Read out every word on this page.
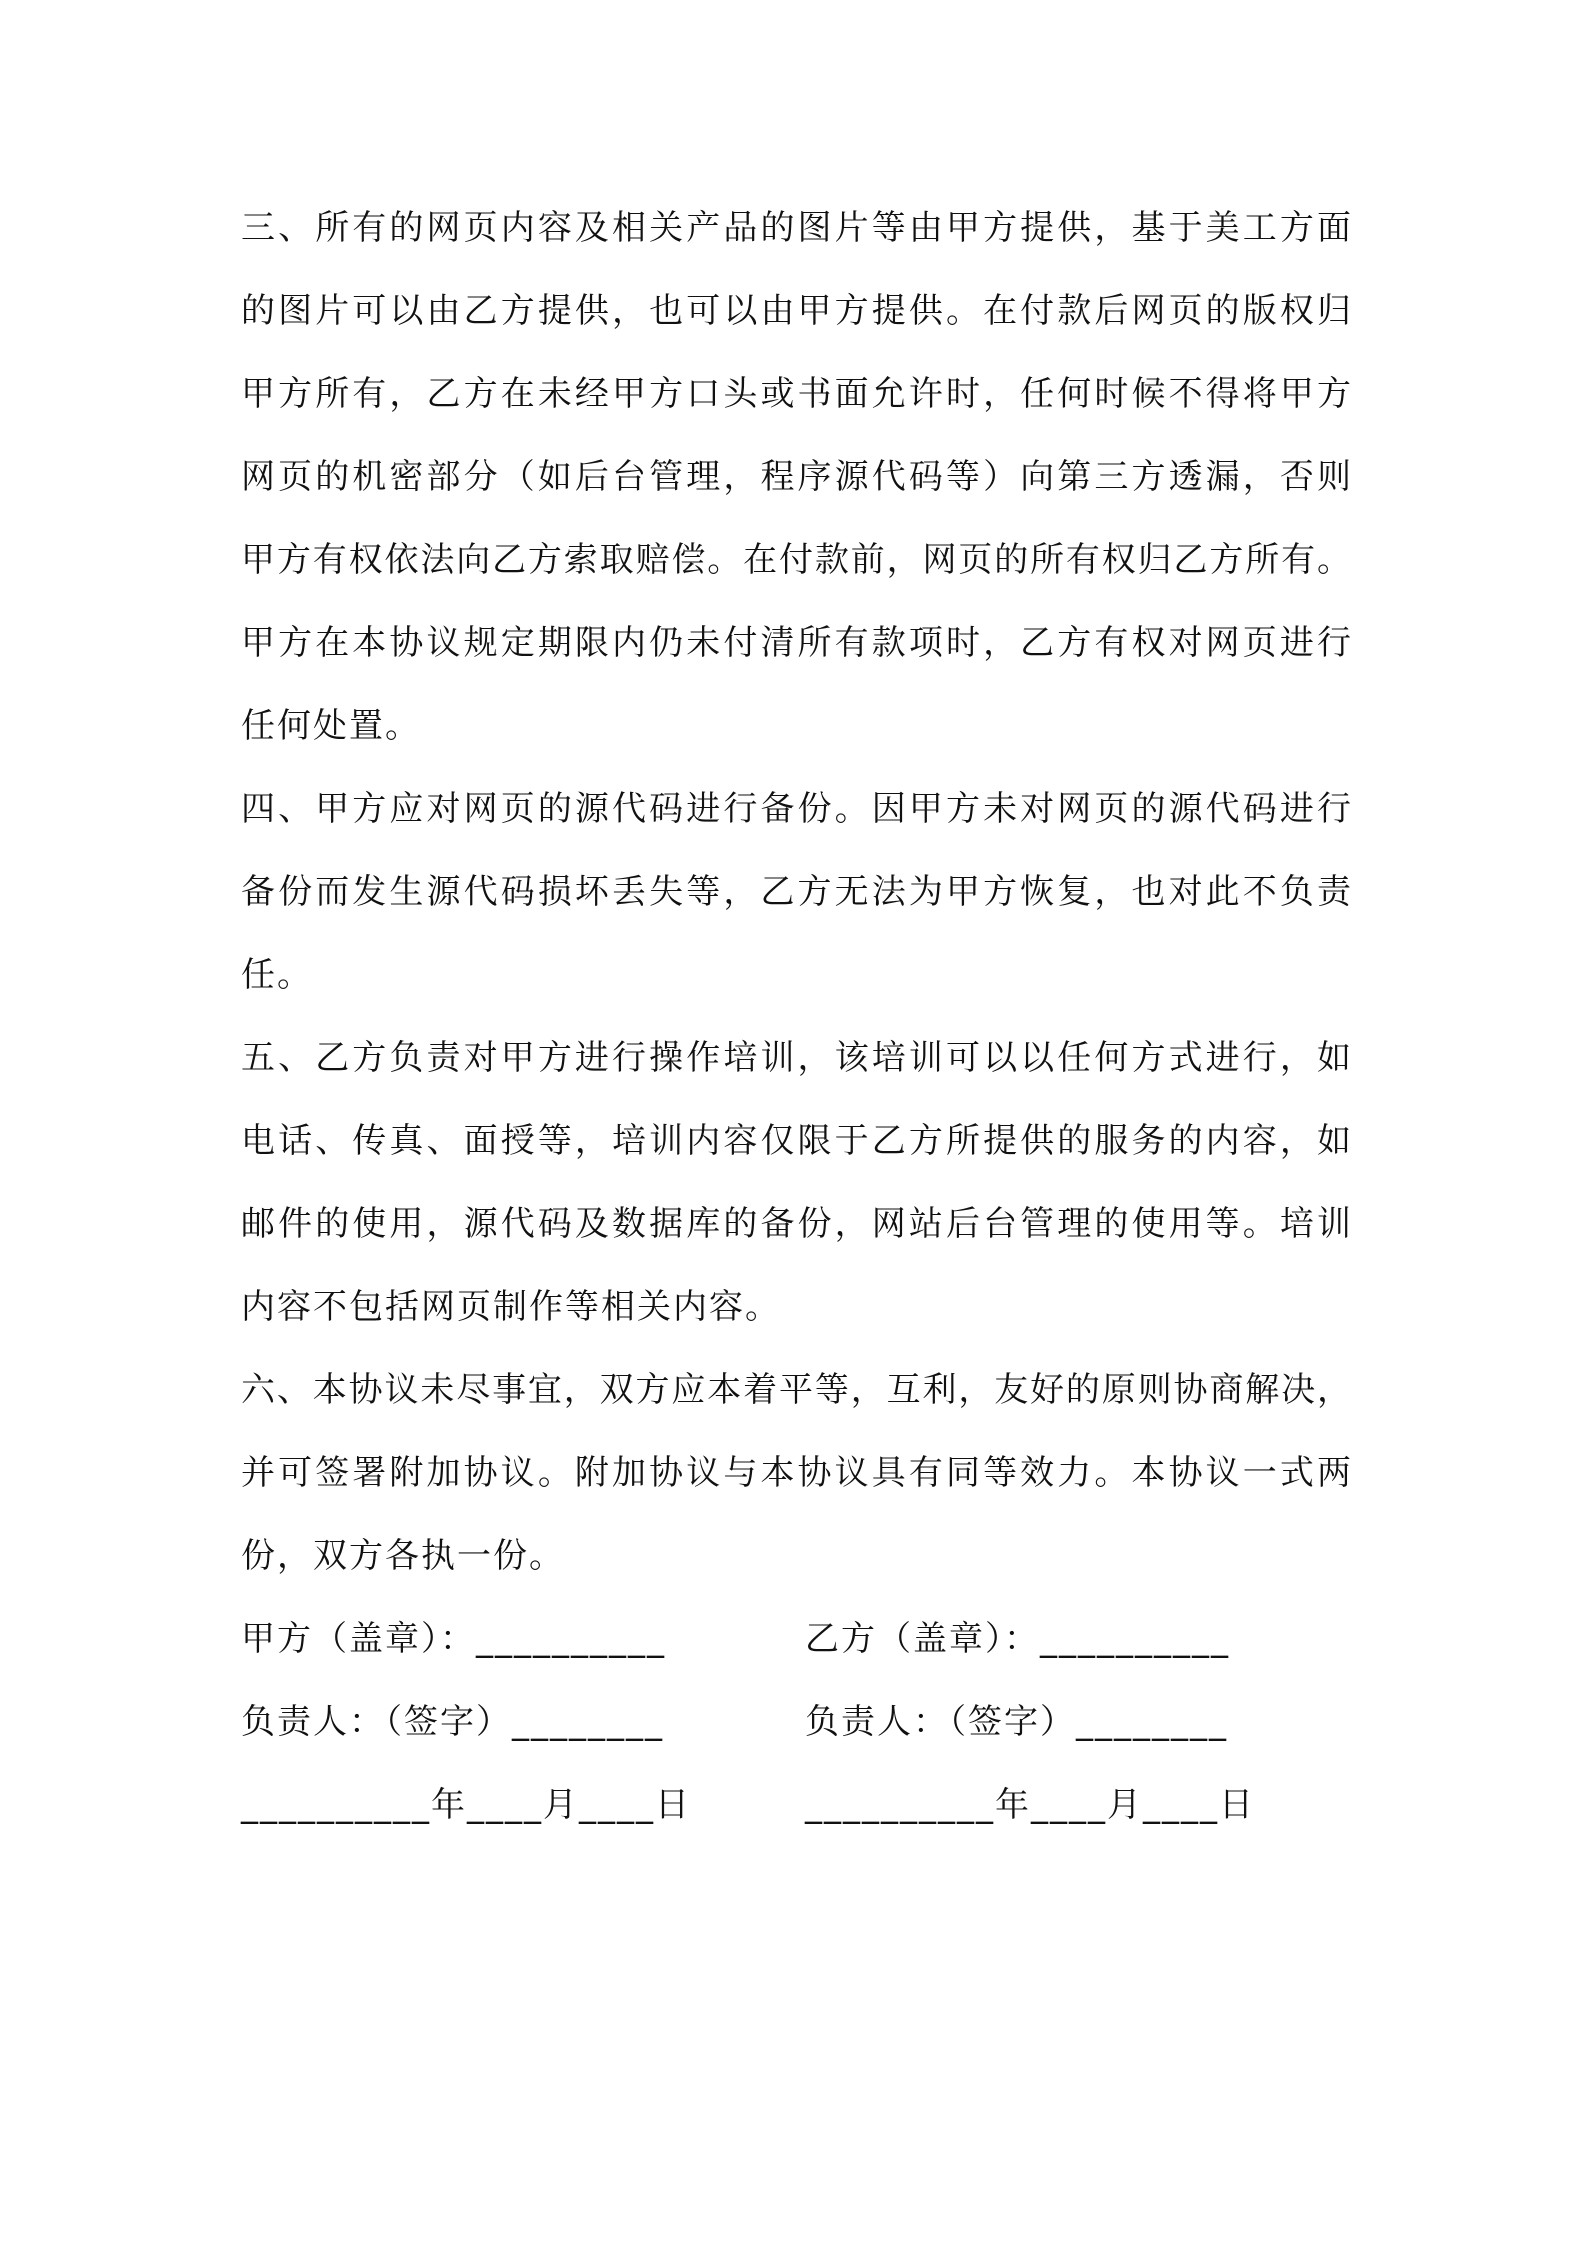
三、所有的网页内容及相关产品的图片等由甲方提供，基于美工方面
的图片可以由乙方提供，也可以由甲方提供。在付款后网页的版权归
甲方所有，乙方在未经甲方口头或书面允许时，任何时候不得将甲方
网页的机密部分（如后台管理，程序源代码等）向第三方透漏，否则
甲方有权依法向乙方索取赔偿。在付款前，网页的所有权归乙方所有。
甲方在本协议规定期限内仍未付清所有款项时，乙方有权对网页进行
任何处置。
四、甲方应对网页的源代码进行备份。因甲方未对网页的源代码进行
备份而发生源代码损坏丢失等，乙方无法为甲方恢复，也对此不负责
任。
五、乙方负责对甲方进行操作培训，该培训可以以任何方式进行，如
电话、传真、面授等，培训内容仅限于乙方所提供的服务的内容，如
邮件的使用，源代码及数据库的备份，网站后台管理的使用等。培训
内容不包括网页制作等相关内容。
六、本协议未尽事宜，双方应本着平等，互利，友好的原则协商解决，
并可签署附加协议。附加协议与本协议具有同等效力。本协议一式两
份，双方各执一份。
甲方（盖章）：__________	乙方（盖章）：__________
负责人：（签字）________	负责人：（签字）________
__________年____月____日	__________年____月____日
